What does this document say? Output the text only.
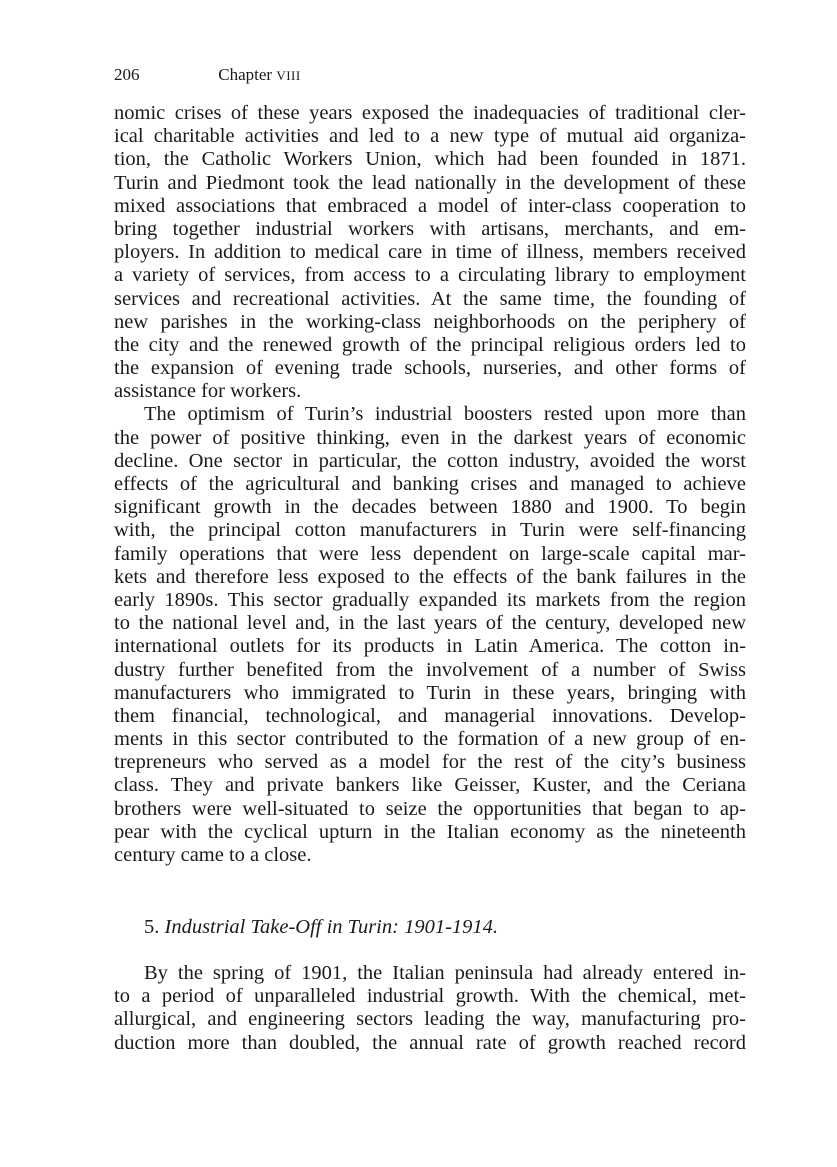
206	Chapter VIII
nomic crises of these years exposed the inadequacies of traditional cler-
ical charitable activities and led to a new type of mutual aid organiza-
tion, the Catholic Workers Union, which had been founded in 1871.
Turin and Piedmont took the lead nationally in the development of these
mixed associations that embraced a model of inter-class cooperation to
bring together industrial workers with artisans, merchants, and em-
ployers. In addition to medical care in time of illness, members received
a variety of services, from access to a circulating library to employment
services and recreational activities. At the same time, the founding of
new parishes in the working-class neighborhoods on the periphery of
the city and the renewed growth of the principal religious orders led to
the expansion of evening trade schools, nurseries, and other forms of
assistance for workers.
The optimism of Turin’s industrial boosters rested upon more than
the power of positive thinking, even in the darkest years of economic
decline. One sector in particular, the cotton industry, avoided the worst
effects of the agricultural and banking crises and managed to achieve
significant growth in the decades between 1880 and 1900. To begin
with, the principal cotton manufacturers in Turin were self-financing
family operations that were less dependent on large-scale capital mar-
kets and therefore less exposed to the effects of the bank failures in the
early 1890s. This sector gradually expanded its markets from the region
to the national level and, in the last years of the century, developed new
international outlets for its products in Latin America. The cotton in-
dustry further benefited from the involvement of a number of Swiss
manufacturers who immigrated to Turin in these years, bringing with
them financial, technological, and managerial innovations. Develop-
ments in this sector contributed to the formation of a new group of en-
trepreneurs who served as a model for the rest of the city’s business
class. They and private bankers like Geisser, Kuster, and the Ceriana
brothers were well-situated to seize the opportunities that began to ap-
pear with the cyclical upturn in the Italian economy as the nineteenth
century came to a close.
5. Industrial Take-Off in Turin: 1901-1914.
By the spring of 1901, the Italian peninsula had already entered in-
to a period of unparalleled industrial growth. With the chemical, met-
allurgical, and engineering sectors leading the way, manufacturing pro-
duction more than doubled, the annual rate of growth reached record
